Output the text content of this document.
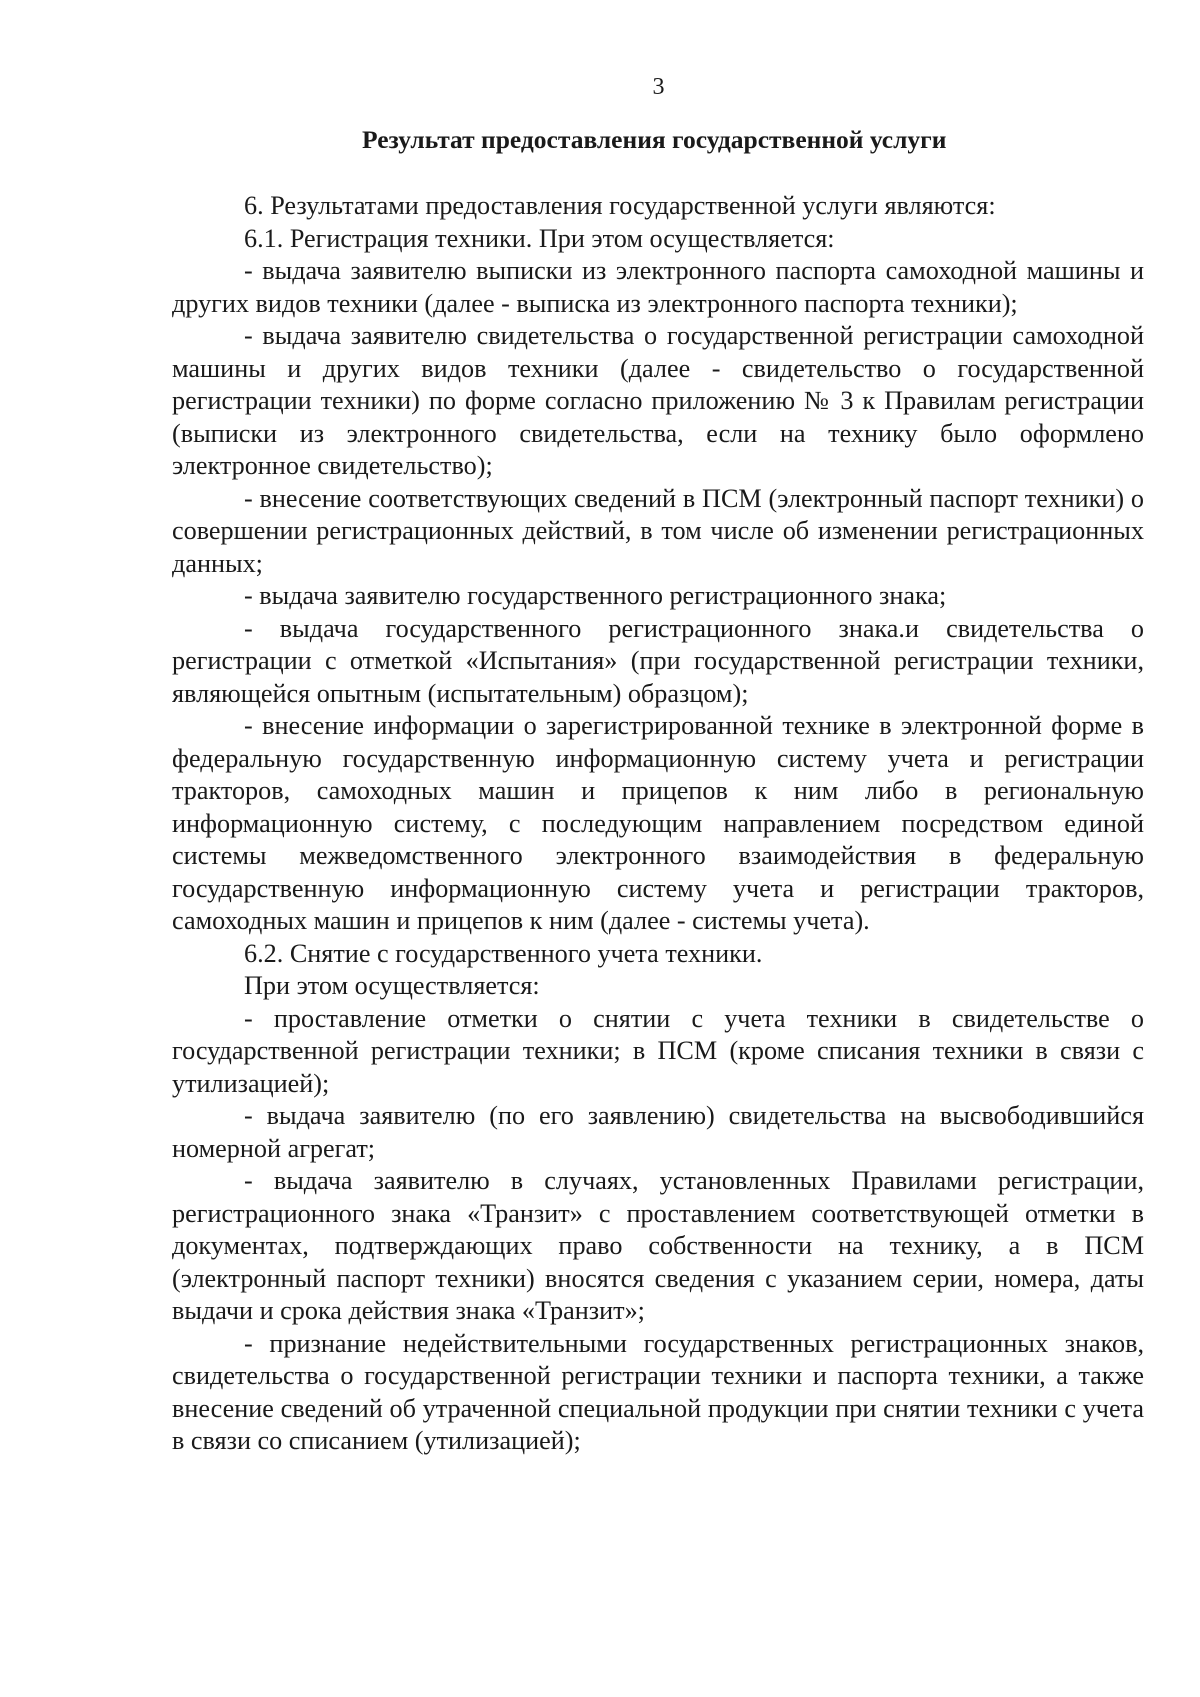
3
Результат предоставления государственной услуги

6. Результатами предоставления государственной услуги являются:

6.1. Регистрация техники. При этом осуществляется:

- выдача заявителю выписки из электронного паспорта самоходной машины и других видов техники (далее - выписка из электронного паспорта техники);

- выдача заявителю свидетельства о государственной регистрации самоходной машины и других видов техники (далее - свидетельство о государственной регистрации техники) по форме согласно приложению № 3 к Правилам регистрации (выписки из электронного свидетельства, если на технику было оформлено электронное свидетельство);

- внесение соответствующих сведений в ПСМ (электронный паспорт техники) о совершении регистрационных действий, в том числе об изменении регистрационных данных;

- выдача заявителю государственного регистрационного знака;

- выдача государственного регистрационного знака.и свидетельства о регистрации с отметкой «Испытания» (при государственной регистрации техники, являющейся опытным (испытательным) образцом);

- внесение информации о зарегистрированной технике в электронной форме в федеральную государственную информационную систему учета и регистрации тракторов, самоходных машин и прицепов к ним либо в региональную информационную систему, с последующим направлением посредством единой системы межведомственного электронного взаимодействия в федеральную государственную информационную систему учета и регистрации тракторов, самоходных машин и прицепов к ним (далее - системы учета).

6.2. Снятие с государственного учета техники.

При этом осуществляется:

- проставление отметки о снятии с учета техники в свидетельстве о государственной регистрации техники; в ПСМ (кроме списания техники в связи с утилизацией);

- выдача заявителю (по его заявлению) свидетельства на высвободившийся номерной агрегат;

- выдача заявителю в случаях, установленных Правилами регистрации, регистрационного знака «Транзит» с проставлением соответствующей отметки в документах, подтверждающих право собственности на технику, а в ПСМ (электронный паспорт техники) вносятся сведения с указанием серии, номера, даты выдачи и срока действия знака «Транзит»;

- признание недействительными государственных регистрационных знаков, свидетельства о государственной регистрации техники и паспорта техники, а также внесение сведений об утраченной специальной продукции при снятии техники с учета в связи со списанием (утилизацией);
